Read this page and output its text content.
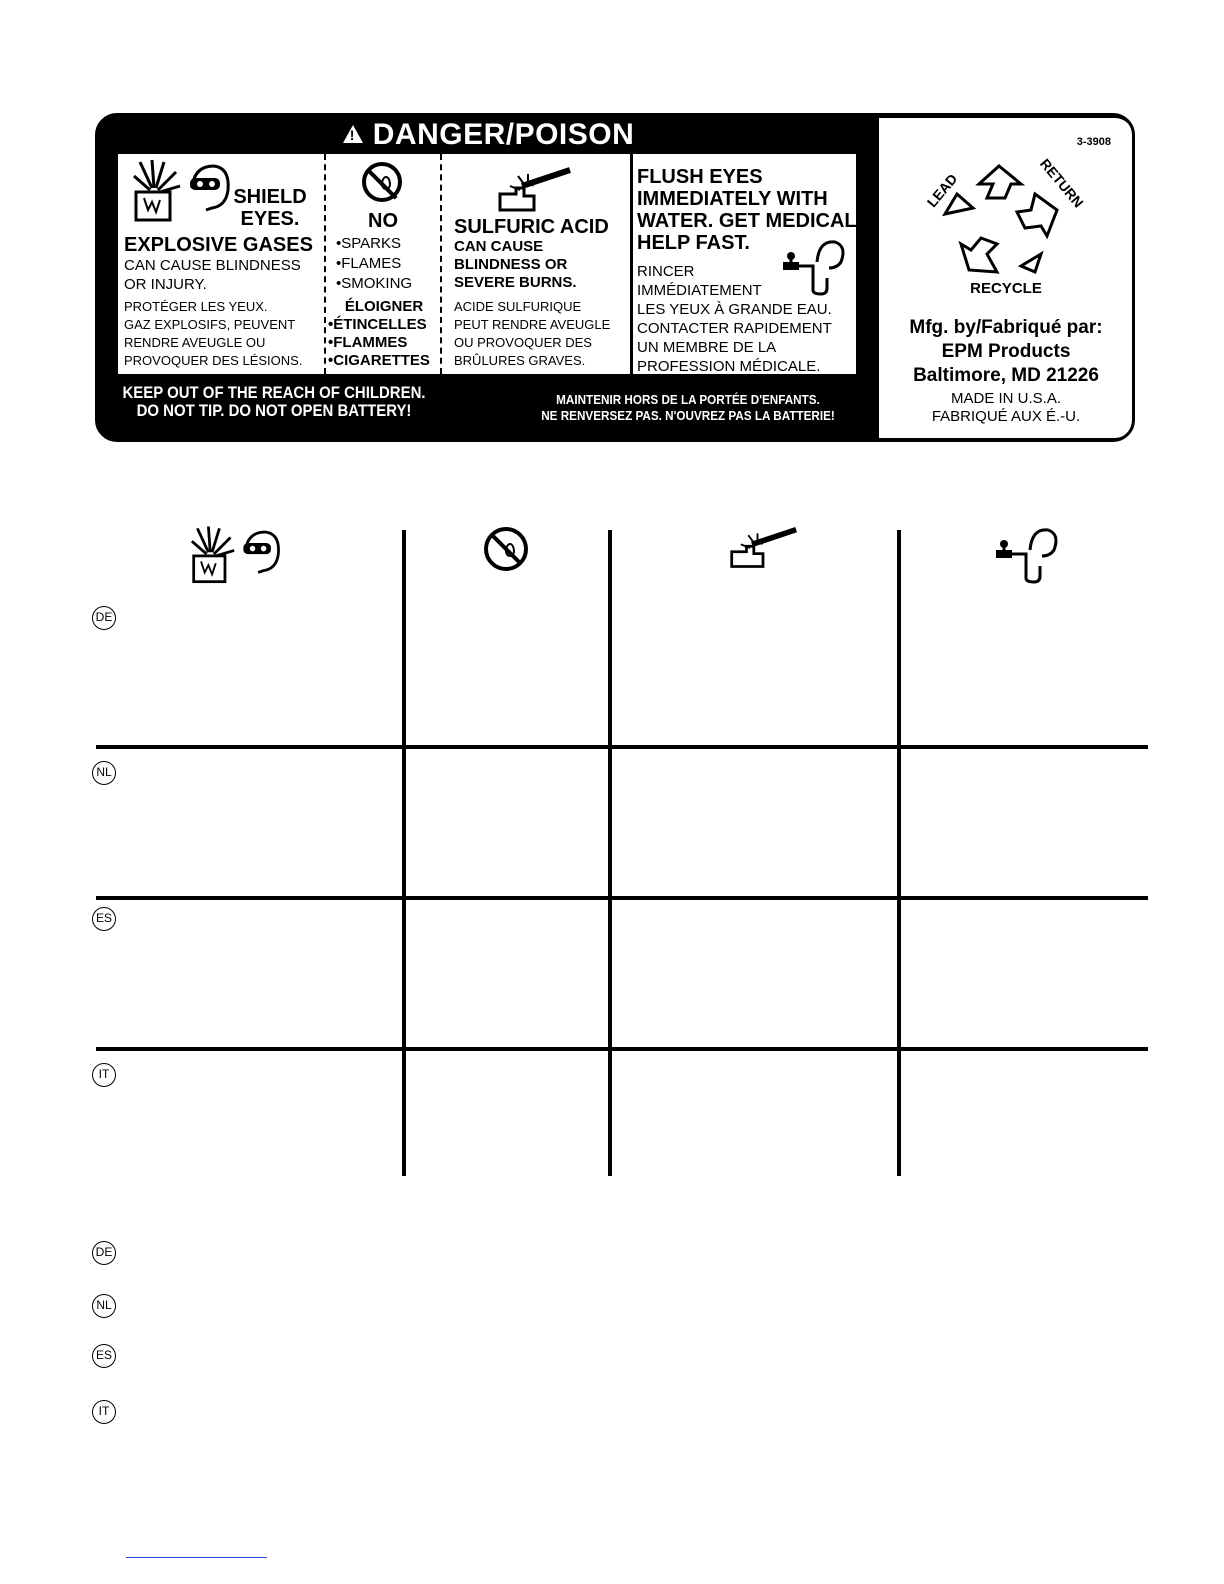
!DANGER/POISON
SHIELD
EYES.
EXPLOSIVE GASES
CAN CAUSE BLINDNESS
OR INJURY.
PROTÉGER LES YEUX.
GAZ EXPLOSIFS, PEUVENT
RENDRE AVEUGLE OU
PROVOQUER DES LÉSIONS.
NO
•SPARKS
•FLAMES
•SMOKING
ÉLOIGNER
•ÉTINCELLES
•FLAMMES
•CIGARETTES
SULFURIC ACID
CAN CAUSE
BLINDNESS OR
SEVERE BURNS.
ACIDE SULFURIQUE
PEUT RENDRE AVEUGLE
OU PROVOQUER DES
BRÛLURES GRAVES.
FLUSH EYES
IMMEDIATELY WITH
WATER. GET MEDICAL
HELP FAST.
RINCER
IMMÉDIATEMENT
LES YEUX À GRANDE EAU.
CONTACTER RAPIDEMENT
UN MEMBRE DE LA
PROFESSION MÉDICALE.
KEEP OUT OF THE REACH OF CHILDREN.
DO NOT TIP. DO NOT OPEN BATTERY!
MAINTENIR HORS DE LA PORTÉE D'ENFANTS.
NE RENVERSEZ PAS. N'OUVREZ PAS LA BATTERIE!
3-3908
LEAD	RETURN
RECYCLE
Mfg. by/Fabriqué par:
EPM Products
Baltimore, MD 21226
MADE IN U.S.A.
FABRIQUÉ AUX É.-U.
DE
NL
ES
IT
DE
NL
ES
IT
